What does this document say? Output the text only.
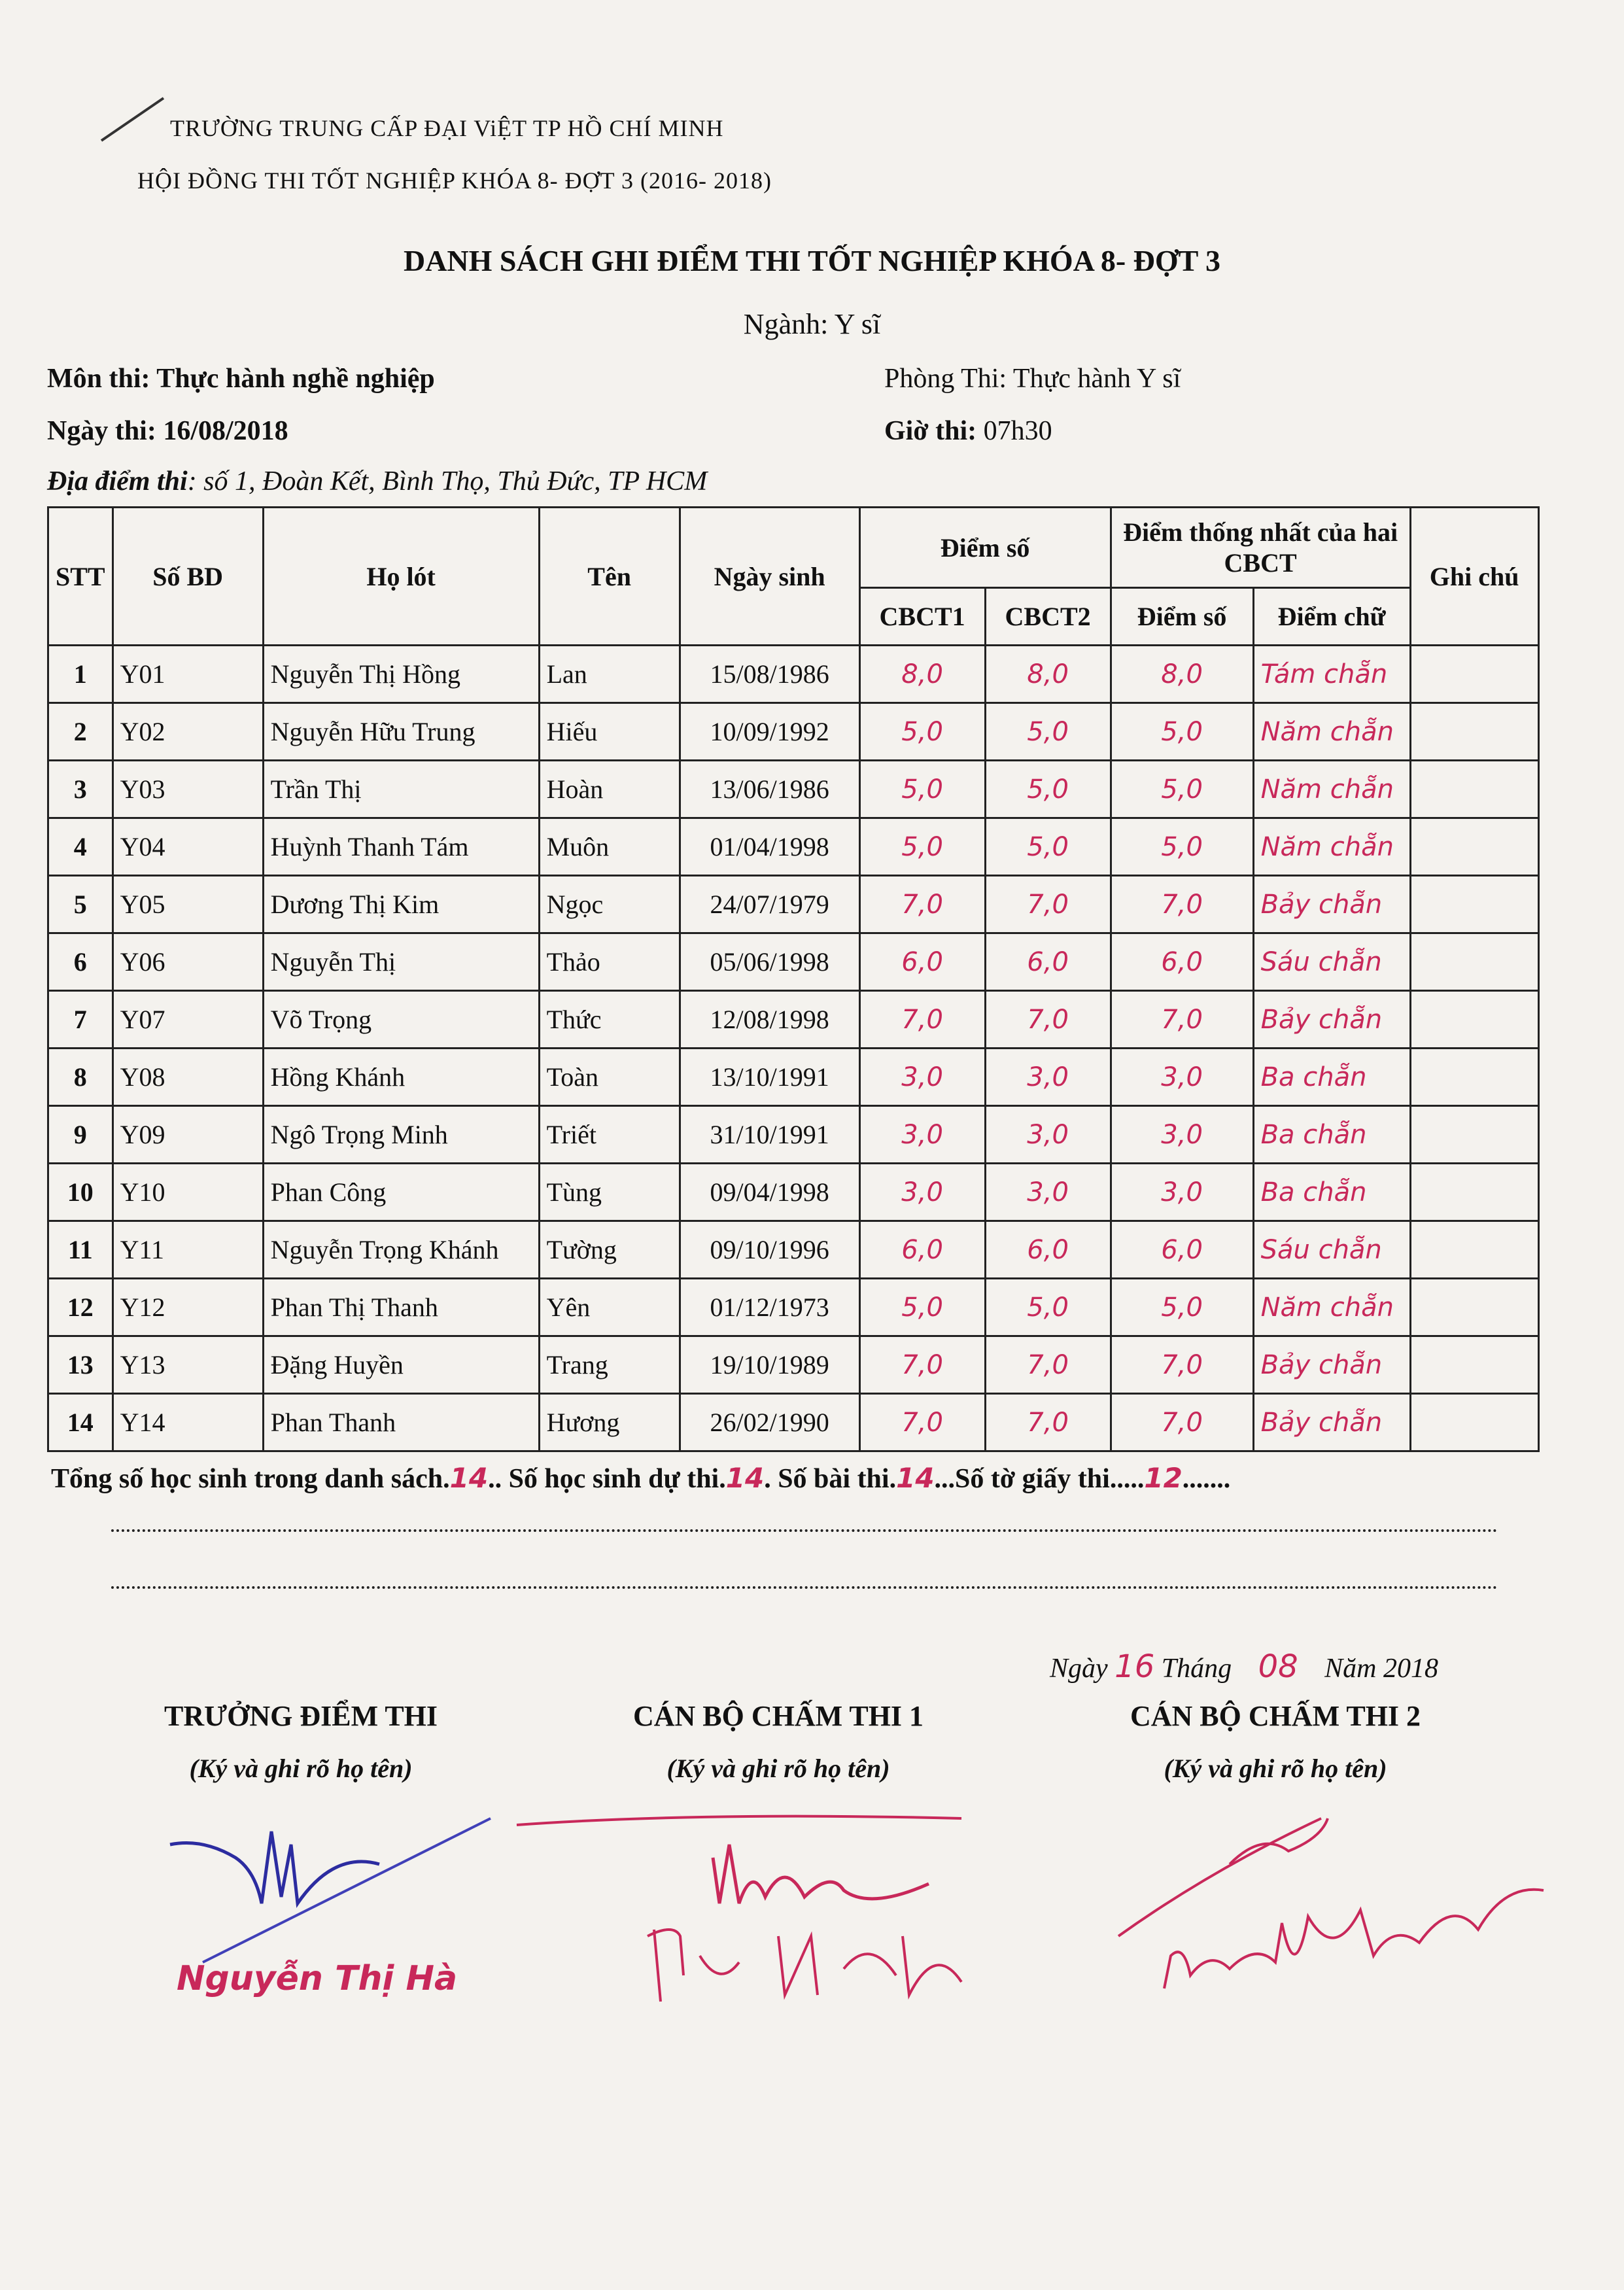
TRƯỜNG TRUNG CẤP ĐẠI ViỆT TP HỒ CHÍ MINH
HỘI ĐỒNG THI TỐT NGHIỆP KHÓA 8- ĐỢT 3 (2016- 2018)
DANH SÁCH GHI ĐIỂM THI TỐT NGHIỆP KHÓA 8- ĐỢT 3
Ngành: Y sĩ
Môn thi: Thực hành nghề nghiệp	Phòng Thi: Thực hành Y sĩ
Ngày thi: 16/08/2018	Giờ thi: 07h30
Địa điểm thi: số 1, Đoàn Kết, Bình Thọ, Thủ Đức, TP HCM
STT	Số BD	Họ lót	Tên	Ngày sinh	Điểm số		Điểm thống nhất của hai CBCT		Ghi chú
					CBCT1	CBCT2	Điểm số	Điểm chữ	
1	Y01	Nguyễn Thị Hồng	Lan	15/08/1986	8,0	8,0	8,0	Tám chẵn	
2	Y02	Nguyễn Hữu Trung	Hiếu	10/09/1992	5,0	5,0	5,0	Năm chẵn	
3	Y03	Trần Thị	Hoàn	13/06/1986	5,0	5,0	5,0	Năm chẵn	
4	Y04	Huỳnh Thanh Tám	Muôn	01/04/1998	5,0	5,0	5,0	Năm chẵn	
5	Y05	Dương Thị Kim	Ngọc	24/07/1979	7,0	7,0	7,0	Bảy chẵn	
6	Y06	Nguyễn Thị	Thảo	05/06/1998	6,0	6,0	6,0	Sáu chẵn	
7	Y07	Võ Trọng	Thức	12/08/1998	7,0	7,0	7,0	Bảy chẵn	
8	Y08	Hồng Khánh	Toàn	13/10/1991	3,0	3,0	3,0	Ba chẵn	
9	Y09	Ngô Trọng Minh	Triết	31/10/1991	3,0	3,0	3,0	Ba chẵn	
10	Y10	Phan Công	Tùng	09/04/1998	3,0	3,0	3,0	Ba chẵn	
11	Y11	Nguyễn Trọng Khánh	Tường	09/10/1996	6,0	6,0	6,0	Sáu chẵn	
12	Y12	Phan Thị Thanh	Yên	01/12/1973	5,0	5,0	5,0	Năm chẵn	
13	Y13	Đặng Huyền	Trang	19/10/1989	7,0	7,0	7,0	Bảy chẵn	
14	Y14	Phan Thanh	Hương	26/02/1990	7,0	7,0	7,0	Bảy chẵn	
Tổng số học sinh trong danh sách.14.. Số học sinh dự thi.14. Số bài thi.14...Số tờ giấy thi.....12.......
Ngày 16 Tháng 08 Năm 2018
TRƯỞNG ĐIỂM THI
(Ký và ghi rõ họ tên)
CÁN BỘ CHẤM THI 1
(Ký và ghi rõ họ tên)
CÁN BỘ CHẤM THI 2
(Ký và ghi rõ họ tên)
Nguyễn Thị Hà
